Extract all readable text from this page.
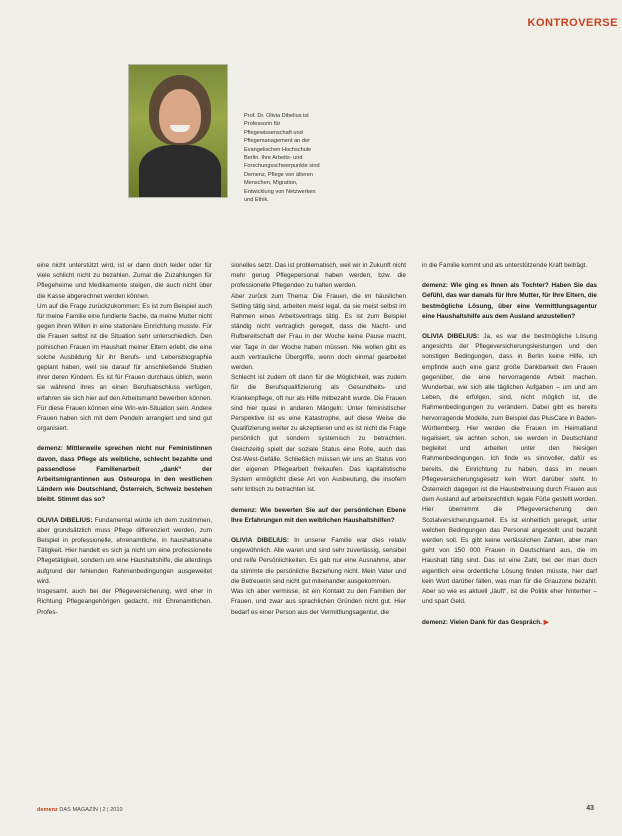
KONTROVERSE
Prof. Dr. Olivia Dibelius ist Professorin für Pflegewissenschaft und Pflegemanagement an der Evangelischen Hochschule Berlin. Ihre Arbeits- und Forschungsschwerpunkte sind Demenz, Pflege von älteren Menschen, Migration, Entwicklung von Netzwerken und Ethik.

eine nicht unterstützt wird, ist er dann doch leider oder für viele schlicht nicht zu bezahlen. Zumal die Zuzahlungen für Pflegeheime und Medikamente steigen, die auch nicht über die Kasse abgerechnet werden können.

Um auf die Frage zurückzukommen: Es ist zum Beispiel auch für meine Familie eine fundierte Sache, da meine Mutter nicht gegen ihren Willen in eine stationäre Einrichtung musste. Für die Frauen selbst ist die Situation sehr unterschiedlich. Den polnischen Frauen im Haushalt meiner Eltern erlebt, die eine solche Ausbildung für ihr Berufs- und Lebensbiographie geplant haben, weil sie darauf für anschließende Studien ihrer deren Kindern. Es ist für Frauen durchaus üblich, wenn sie während ihres an einen Berufsabschluss verfügen, erfahren sie sich hier auf den Arbeitsmarkt bewerben können. Für diese Frauen können eine Win-win-Situation sein. Andere Frauen haben sich mit dem Pendeln arrangiert und sind gut organisiert.

demenz: Mittlerweile sprechen nicht nur Feministinnen davon, dass Pflege als weibliche, schlecht bezahlte und passendlose Familienarbeit „dank“ der Arbeitsmigrantinnen aus Osteuropa in den westlichen Ländern wie Deutschland, Österreich, Schweiz bestehen bleibt. Stimmt das so?

OLIVIA DIBELIUS: Fundamental würde ich dem zustimmen, aber grundsätzlich muss Pflege differenziert werden, zum Beispiel in professionelle, ehrenamtliche, in haushaltsnahe Tätigkeit. Hier handelt es sich ja nicht um eine professionelle Pflegetätigkeit, sondern um eine Haushaltshilfe, die allerdings aufgrund der fehlenden Rahmenbedingungen ausgeweitet wird.

Insgesamt, auch bei der Pflegeversicherung, wird eher in Richtung Pflegeangehörigen gedacht, mit Ehrenamtlichen. Profes-

sionelles setzt. Das ist problematisch, weil wir in Zukunft nicht mehr genug Pflegepersonal haben werden, bzw. die professionelle Pflegenden zu halten werden.

Aber zurück zum Thema: Die Frauen, die im häuslichen Setting tätig sind, arbeiten meist legal, da sie meist selbst im Rahmen eines Arbeitsvertrags tätig. Es ist zum Beispiel ständig nicht vertraglich geregelt, dass die Nacht- und Rufbereitschaft der Frau in der Woche keine Pause macht, vier Tage in der Woche haben müssen. Nie wollen gibt es auch vertrauliche Übergriffe, wenn doch einmal gearbeitet werden.

Schlecht ist zudem oft dann für die Möglichkeit, was zudem für die Berufsqualifizierung als Gesundheits- und Krankenpflege, oft nur als Hilfe mitbezahlt wurde. Die Frauen sind hier quasi in anderen Mängeln: Unter feministischer Perspektive ist es eine Katastrophe, auf diese Weise die Qualifizierung weiter zu akzeptieren und es ist nicht die Frage persönlich gut sondern systemisch zu betrachten. Gleichzeitig spielt der soziale Status eine Rolle, auch das Ost-West-Gefälle. Schließlich müssen wir uns an Status von der eigenen Pflegearbeit freikaufen. Das kapitalistische System ermöglicht diese Art von Ausbeutung, die insofern sehr kritisch zu betrachten ist.

demenz: Wie bewerten Sie auf der persönlichen Ebene Ihre Erfahrungen mit den weiblichen Haushaltshilfen?

OLIVIA DIBELIUS: In unserer Familie war dies relativ ungewöhnlich. Alle waren und sind sehr zuverlässig, sensibel und reife Persönlichkeiten. Es gab nur eine Ausnahme, aber da stimmte die persönliche Beziehung nicht. Mein Vater und die Betreuerin sind nicht gut miteinander ausgekommen.

Was ich aber vermisse, ist ein Kontakt zu den Familien der Frauen, und zwar aus sprachlichen Gründen nicht gut. Hier bedarf es einer Person aus der Vermittlungsagentur, die

in die Familie kommt und als unterstützende Kraft beiträgt.

demenz: Wie ging es Ihnen als Tochter? Haben Sie das Gefühl, das war damals für Ihre Mutter, für Ihre Eltern, die bestmögliche Lösung, über eine Vermittlungsagentur eine Haushaltshilfe aus dem Ausland anzustellen?

OLIVIA DIBELIUS: Ja, es war die bestmögliche Lösung angesichts der Pflegeversicherungsleistungen und den sonstigen Bedingungen, dass in Berlin keine Hilfe, ich empfinde auch eine ganz große Dankbarkeit den Frauen gegenüber, die eine hervorragende Arbeit machen. Wunderbar, wie sich alle täglichen Aufgaben – um und am Leben, die erfolgen, sind, nicht möglich ist, die Rahmenbedingungen zu verändern. Dabei gibt es bereits hervorragende Modelle, zum Beispiel das PlusCare in Baden-Württemberg. Hier werden die Frauen im Heimatland legalisiert, sie achten schon, sie werden in Deutschland begleitet und arbeiten unter den hiesigen Rahmenbedingungen. Ich finde es sinnvoller, dafür es bereits, die Einrichtung zu haben, dass im neuen Pflegeversicherungsgesetz kein Wort darüber steht. In Österreich dagegen ist die Hausbetreuung durch Frauen aus dem Ausland auf arbeitsrechtlich legale Füße gestellt worden. Hier übernimmt die Pflegeversicherung den Sozialversicherungsanteil. Es ist einheitlich geregelt, unter welchen Bedingungen das Personal angestellt und bezahlt werden soll. Es gibt keine verlässlichen Zahlen, aber man geht von 150 000 Frauen in Deutschland aus, die im Haushalt tätig sind. Das ist eine Zahl, bei der man doch eigentlich eine ordentliche Lösung finden müsste, hier darf kein Wort darüber fallen, was man für die Grauzone bezahlt. Aber so wie es aktuell „läuft“, ist die Politik eher hinterher – und spart Geld.

demenz: Vielen Dank für das Gespräch. ▶

demenz DAS MAGAZIN | 2 | 2010	43
